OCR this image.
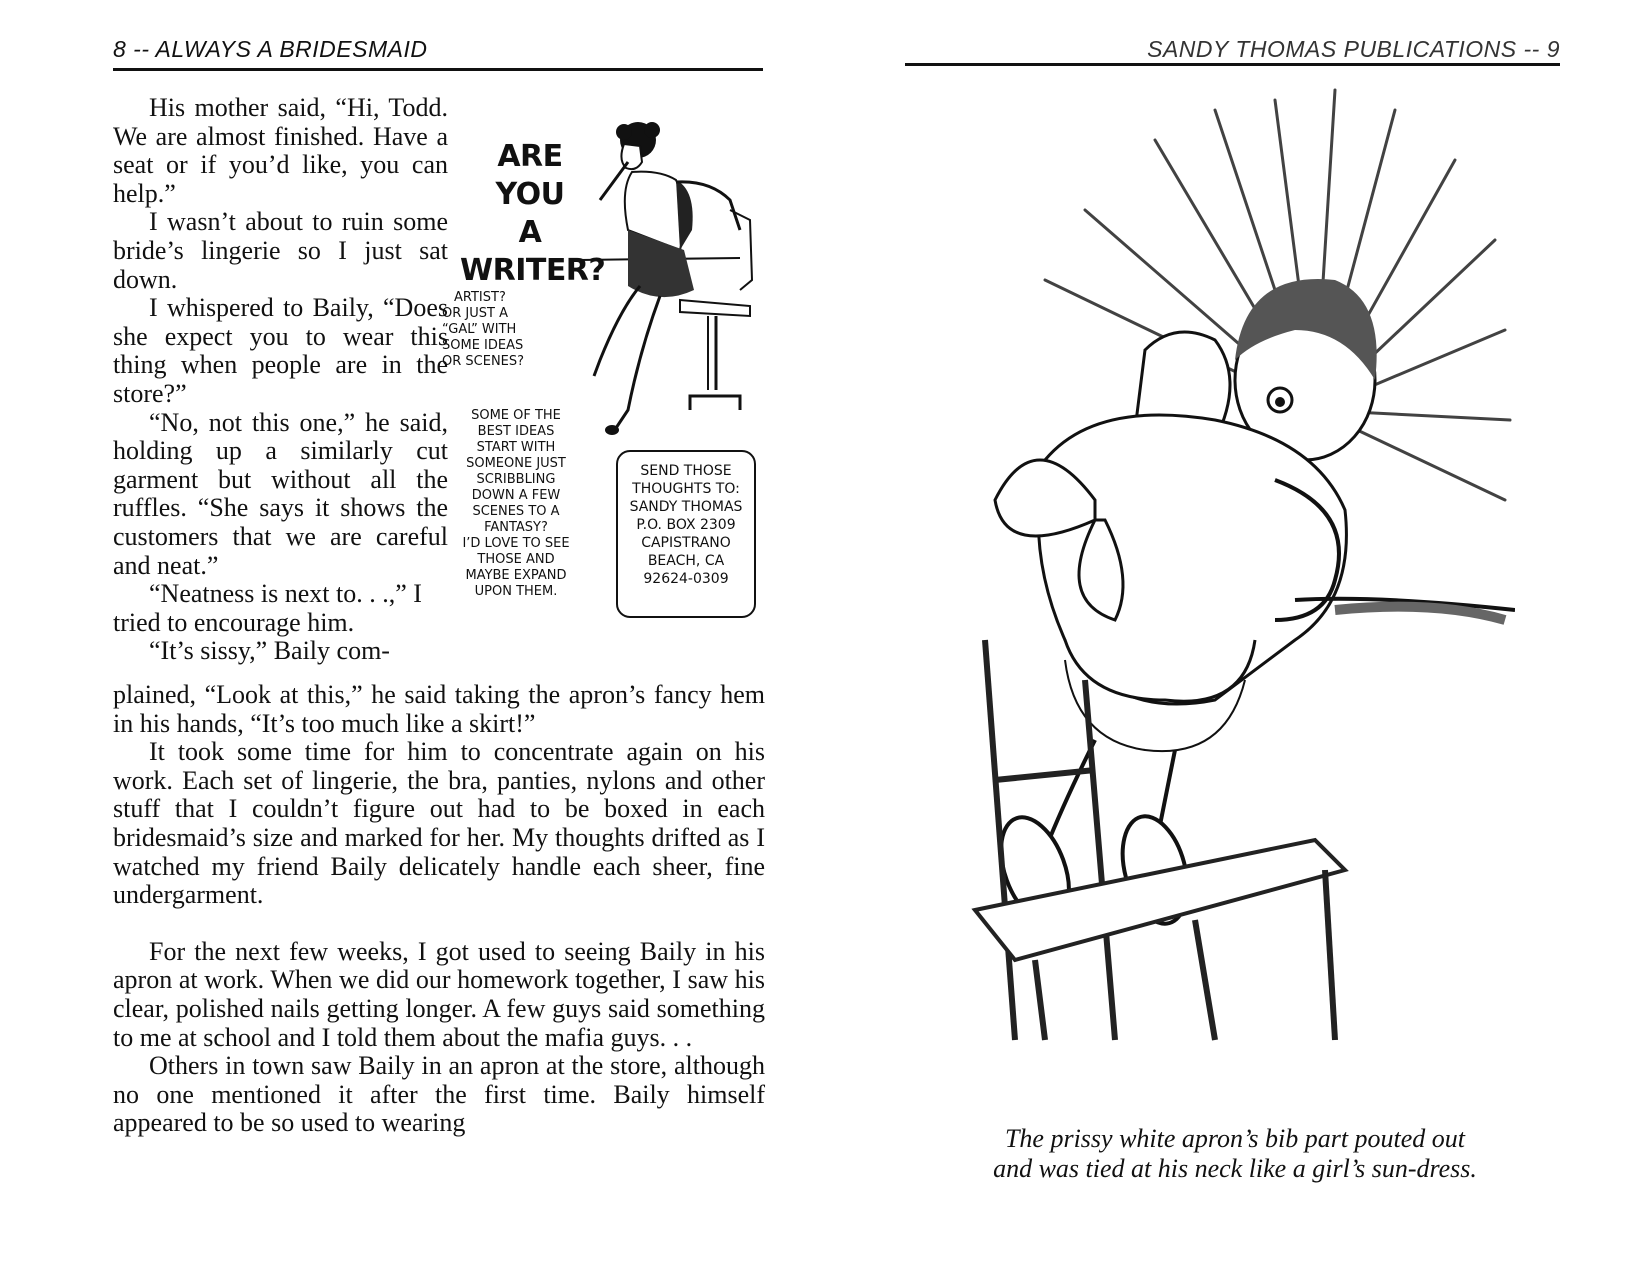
8 -- ALWAYS A BRIDESMAID

His mother said, “Hi, Todd. We are almost finished. Have a seat or if you’d like, you can help.”

I wasn’t about to ruin some bride’s lingerie so I just sat down.

I whispered to Baily, “Does she expect you to wear this thing when people are in the store?”

“No, not this one,” he said, holding up a similarly cut garment but without all the ruffles. “She says it shows the customers that we are careful and neat.”

“Neatness is next to. . .,” I tried to encourage him.

“It’s sissy,” Baily com-

ARE YOU
A
WRITER?
ARTIST?
OR JUST A
“GAL” WITH
SOME IDEAS
OR SCENES?
SOME OF THE
BEST IDEAS
START WITH
SOMEONE JUST
SCRIBBLING
DOWN A FEW
SCENES TO A
FANTASY?
I’D LOVE TO SEE
THOSE AND
MAYBE EXPAND
UPON THEM.
SEND THOSE
THOUGHTS TO:
SANDY THOMAS
P.O. BOX 2309
CAPISTRANO
BEACH, CA
92624-0309

plained, “Look at this,” he said taking the apron’s fancy hem in his hands, “It’s too much like a skirt!”

It took some time for him to concentrate again on his work. Each set of lingerie, the bra, panties, nylons and other stuff that I couldn’t figure out had to be boxed in each bridesmaid’s size and marked for her. My thoughts drifted as I watched my friend Baily delicately handle each sheer, fine undergarment.

For the next few weeks, I got used to seeing Baily in his apron at work. When we did our homework together, I saw his clear, polished nails getting longer. A few guys said something to me at school and I told them about the mafia guys. . .

Others in town saw Baily in an apron at the store, although no one mentioned it after the first time. Baily himself appeared to be so used to wearing

SANDY THOMAS PUBLICATIONS -- 9
The prissy white apron’s bib part pouted out
and was tied at his neck like a girl’s sun-dress.
